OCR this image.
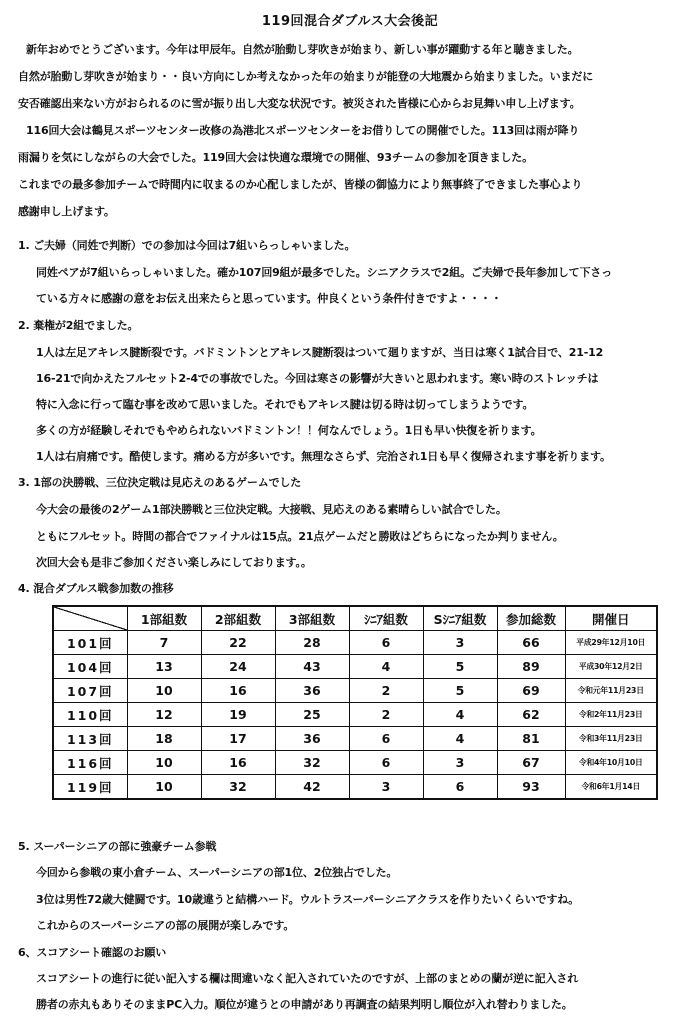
119回混合ダブルス大会後記
新年おめでとうございます。今年は甲辰年。自然が胎動し芽吹きが始まり、新しい事が躍動する年と聴きました。
自然が胎動し芽吹きが始まり・・良い方向にしか考えなかった年の始まりが能登の大地震から始まりました。いまだに
安否確認出来ない方がおられるのに雪が振り出し大変な状況です。被災された皆様に心からお見舞い申し上げます。
116回大会は鶴見スポーツセンター改修の為港北スポーツセンターをお借りしての開催でした。113回は雨が降り
雨漏りを気にしながらの大会でした。119回大会は快適な環境での開催、93チームの参加を頂きました。
これまでの最多参加チームで時間内に収まるのか心配しましたが、皆様の御協力により無事終了できました事心より
感謝申し上げます。
1. ご夫婦（同姓で判断）での参加は今回は7組いらっしゃいました。
同姓ペアが7組いらっしゃいました。確か107回9組が最多でした。シニアクラスで2組。ご夫婦で長年参加して下さっ
ている方々に感謝の意をお伝え出来たらと思っています。仲良くという条件付きですよ・・・・
2. 棄権が2組でました。
1人は左足アキレス腱断裂です。バドミントンとアキレス腱断裂はついて廻りますが、当日は寒く1試合目で、21-12
16-21で向かえたフルセット2-4での事故でした。今回は寒さの影響が大きいと思われます。寒い時のストレッチは
特に入念に行って臨む事を改めて思いました。それでもアキレス腱は切る時は切ってしまうようです。
多くの方が経験しそれでもやめられないバドミントン！！何なんでしょう。1日も早い快復を祈ります。
1人は右肩痛です。酷使します。痛める方が多いです。無理なさらず、完治され1日も早く復帰されます事を祈ります。
3. 1部の決勝戦、三位決定戦は見応えのあるゲームでした
今大会の最後の2ゲーム1部決勝戦と三位決定戦。大接戦、見応えのある素晴らしい試合でした。
ともにフルセット。時間の都合でファイナルは15点。21点ゲームだと勝敗はどちらになったか判りません。
次回大会も是非ご参加ください楽しみにしております。。
4. 混合ダブルス戦参加数の推移
	1部組数	2部組数	3部組数	ｼﾆｱ組数	Sｼﾆｱ組数	参加総数	開催日
101回	7	22	28	6	3	66	平成29年12月10日
104回	13	24	43	4	5	89	平成30年12月2日
107回	10	16	36	2	5	69	令和元年11月23日
110回	12	19	25	2	4	62	令和2年11月23日
113回	18	17	36	6	4	81	令和3年11月23日
116回	10	16	32	6	3	67	令和4年10月10日
119回	10	32	42	3	6	93	令和6年1月14日
5. スーパーシニアの部に強豪チーム参戦
今回から参戦の東小倉チーム、スーパーシニアの部1位、2位独占でした。
3位は男性72歳大健闘です。10歳違うと結構ハード。ウルトラスーパーシニアクラスを作りたいくらいですね。
これからのスーパーシニアの部の展開が楽しみです。
6、スコアシート確認のお願い
スコアシートの進行に従い記入する欄は間違いなく記入されていたのですが、上部のまとめの蘭が逆に記入され
勝者の赤丸もありそのままPC入力。順位が違うとの申請があり再調査の結果判明し順位が入れ替わりました。
